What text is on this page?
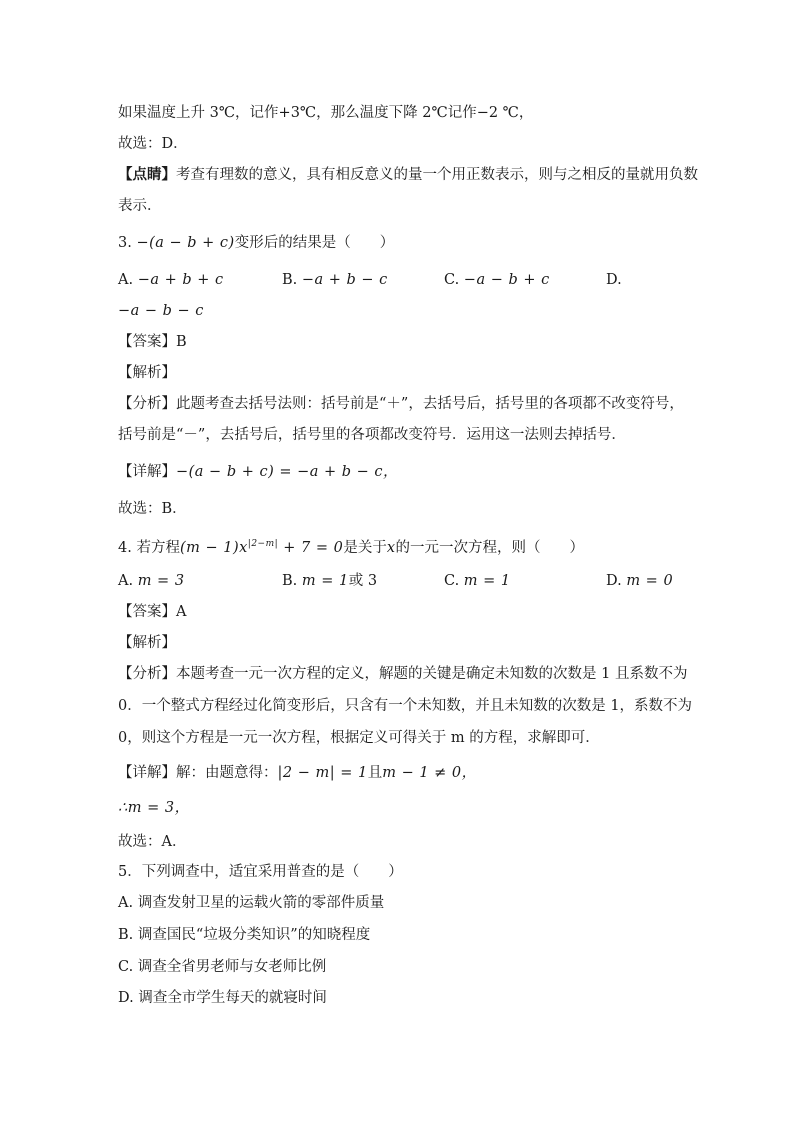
如果温度上升 3℃，记作+3℃，那么温度下降 2℃记作−2 ℃，
故选：D．
【点睛】考查有理数的意义，具有相反意义的量一个用正数表示，则与之相反的量就用负数
表示．
3. −(a − b + c)变形后的结果是（　　）
A. −a + b + c	B. −a + b − c	C. −a − b + c	D.
−a − b − c
【答案】B
【解析】
【分析】此题考查去括号法则：括号前是“＋”，去括号后，括号里的各项都不改变符号，
括号前是“－”，去括号后，括号里的各项都改变符号．运用这一法则去掉括号．
【详解】−(a − b + c) = −a + b − c，
故选：B．
4. 若方程$(m - 1)x^{|2-m|} + 7 = 0$是关于x的一元一次方程，则（　　）
A. m = 3	B. m = 1或 3	C. m = 1	D. m = 0
【答案】A
【解析】
【分析】本题考查一元一次方程的定义，解题的关键是确定未知数的次数是 1 且系数不为
0．一个整式方程经过化简变形后，只含有一个未知数，并且未知数的次数是 1，系数不为
0，则这个方程是一元一次方程，根据定义可得关于 m 的方程，求解即可．
【详解】解：由题意得：|2 − m| = 1且m − 1 ≠ 0，
∴m = 3，
故选：A．
5．下列调查中，适宜采用普查的是（　　）
A. 调查发射卫星的运载火箭的零部件质量
B. 调查国民“垃圾分类知识”的知晓程度
C. 调查全省男老师与女老师比例
D. 调查全市学生每天的就寝时间
